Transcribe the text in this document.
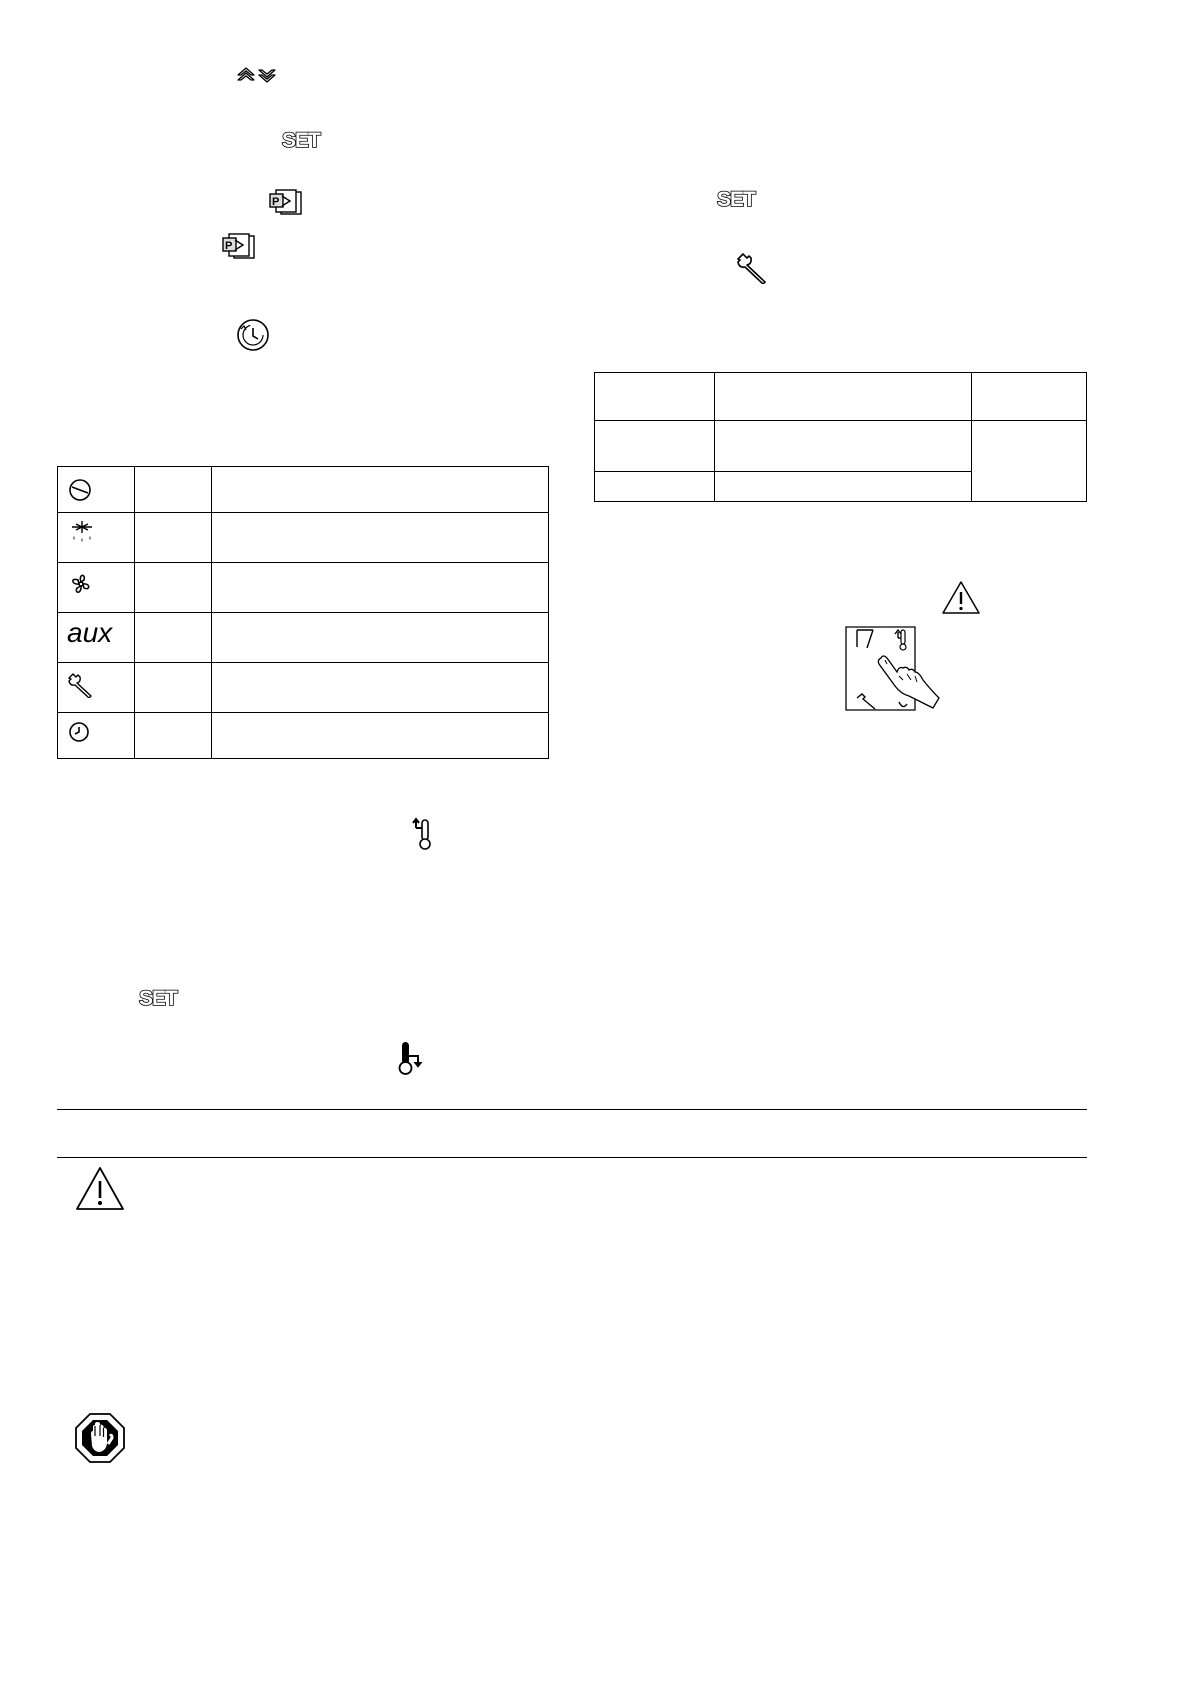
SET
P
P

aux		

SET
SET
